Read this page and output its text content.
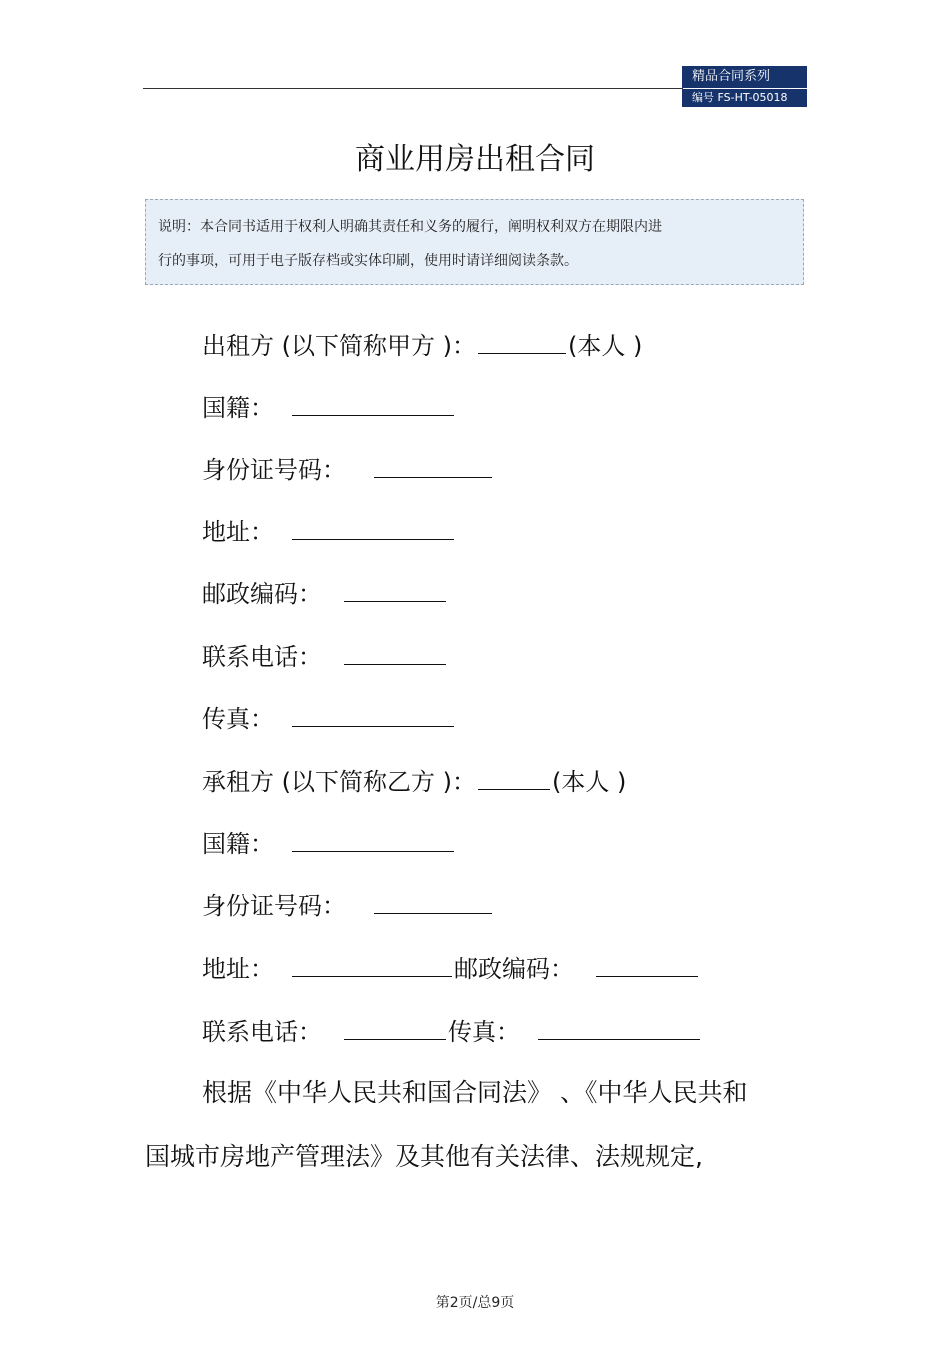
精品合同系列
编号 FS-HT-05018
商业用房出租合同
说明：本合同书适用于权利人明确其责任和义务的履行，阐明权利双方在期限内进
行的事项，可用于电子版存档或实体印刷，使用时请详细阅读条款。
出租方 (以下简称甲方 )：	(本人 )
国籍：
身份证号码：
地址：
邮政编码：
联系电话：
传真：
承租方 (以下简称乙方 )：	(本人 )
国籍：
身份证号码：
地址：	邮政编码：
联系电话：	传真：
根据《中华人民共和国合同法》 、《中华人民共和
国城市房地产管理法》及其他有关法律、法规规定,
第2页/总9页
